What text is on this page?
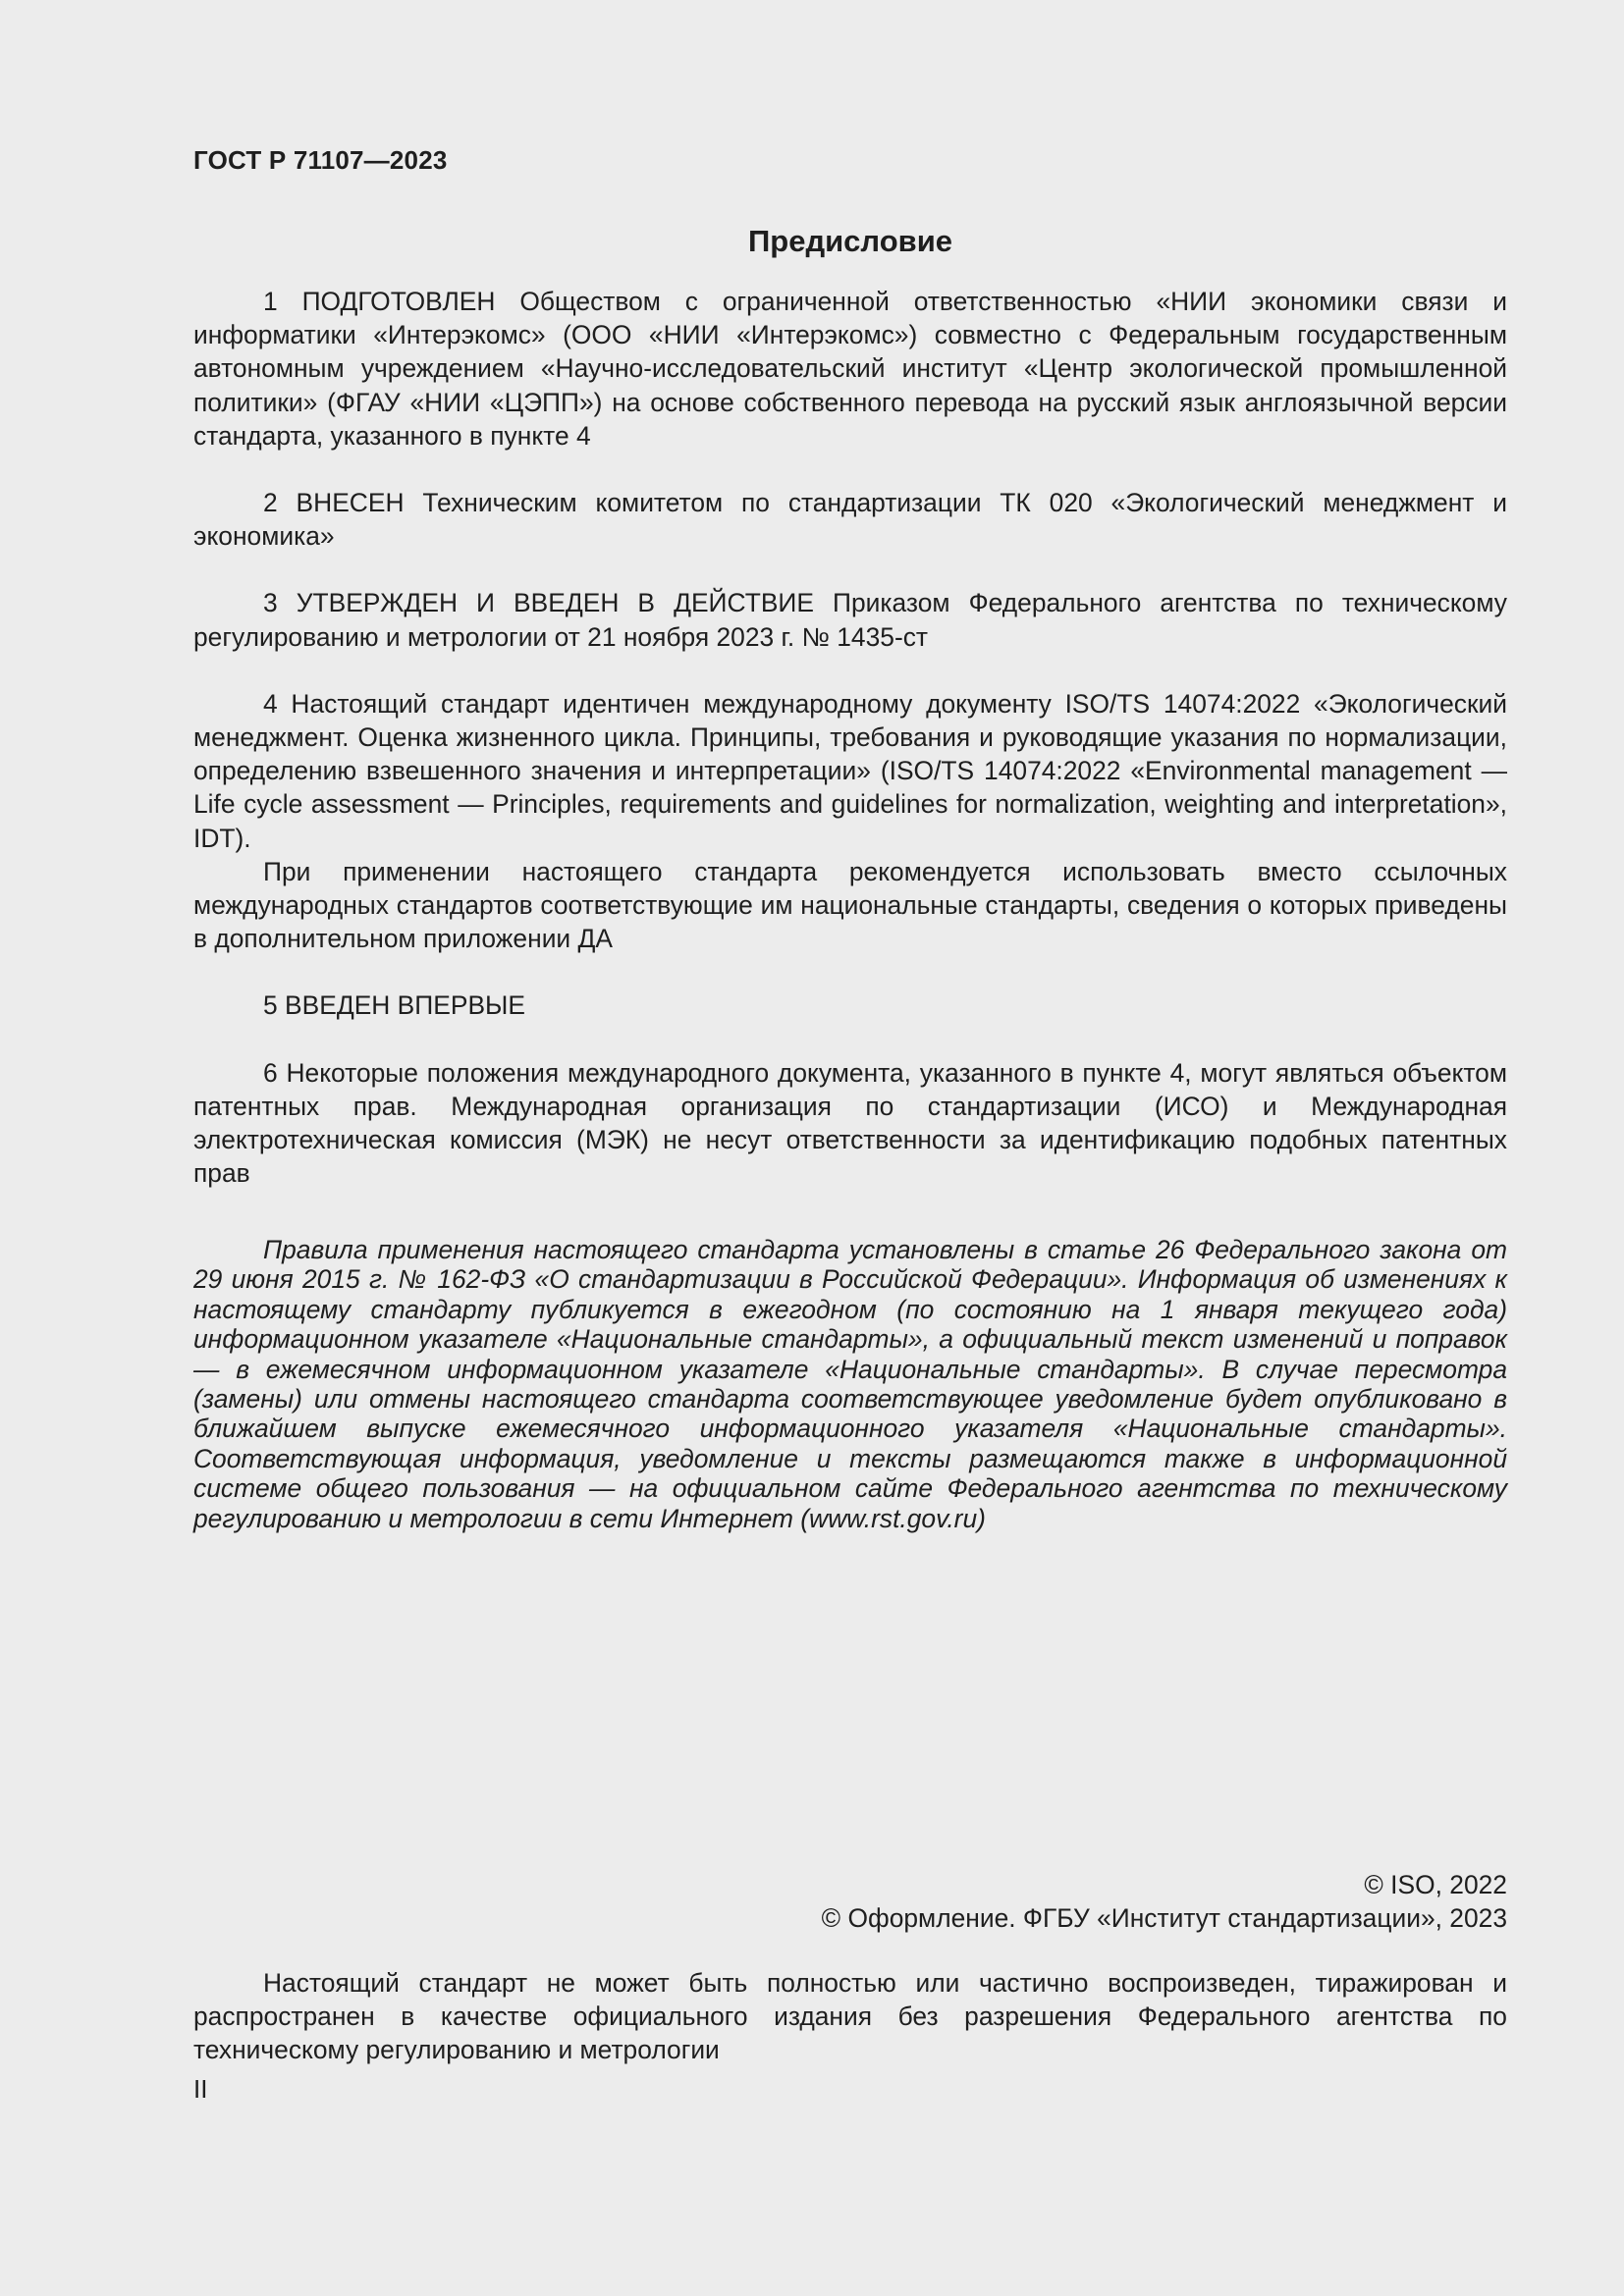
ГОСТ Р 71107—2023
Предисловие

1 ПОДГОТОВЛЕН Обществом с ограниченной ответственностью «НИИ экономики связи и информатики «Интерэкомс» (ООО «НИИ «Интерэкомс») совместно с Федеральным государственным автономным учреждением «Научно-исследовательский институт «Центр экологической промышленной политики» (ФГАУ «НИИ «ЦЭПП») на основе собственного перевода на русский язык англоязычной версии стандарта, указанного в пункте 4

2 ВНЕСЕН Техническим комитетом по стандартизации ТК 020 «Экологический менеджмент и экономика»

3 УТВЕРЖДЕН И ВВЕДЕН В ДЕЙСТВИЕ Приказом Федерального агентства по техническому регулированию и метрологии от 21 ноября 2023 г. № 1435-ст

4 Настоящий стандарт идентичен международному документу ISO/TS 14074:2022 «Экологический менеджмент. Оценка жизненного цикла. Принципы, требования и руководящие указания по нормализации, определению взвешенного значения и интерпретации» (ISO/TS 14074:2022 «Environmental management — Life cycle assessment — Principles, requirements and guidelines for normalization, weighting and interpretation», IDT).

При применении настоящего стандарта рекомендуется использовать вместо ссылочных международных стандартов соответствующие им национальные стандарты, сведения о которых приведены в дополнительном приложении ДА

5 ВВЕДЕН ВПЕРВЫЕ

6 Некоторые положения международного документа, указанного в пункте 4, могут являться объектом патентных прав. Международная организация по стандартизации (ИСО) и Международная электротехническая комиссия (МЭК) не несут ответственности за идентификацию подобных патентных прав

Правила применения настоящего стандарта установлены в статье 26 Федерального закона от 29 июня 2015 г. № 162-ФЗ «О стандартизации в Российской Федерации». Информация об изменениях к настоящему стандарту публикуется в ежегодном (по состоянию на 1 января текущего года) информационном указателе «Национальные стандарты», а официальный текст изменений и поправок — в ежемесячном информационном указателе «Национальные стандарты». В случае пересмотра (замены) или отмены настоящего стандарта соответствующее уведомление будет опубликовано в ближайшем выпуске ежемесячного информационного указателя «Национальные стандарты». Соответствующая информация, уведомление и тексты размещаются также в информационной системе общего пользования — на официальном сайте Федерального агентства по техническому регулированию и метрологии в сети Интернет (www.rst.gov.ru)

© ISO, 2022
© Оформление. ФГБУ «Институт стандартизации», 2023

Настоящий стандарт не может быть полностью или частично воспроизведен, тиражирован и распространен в качестве официального издания без разрешения Федерального агентства по техническому регулированию и метрологии

II
